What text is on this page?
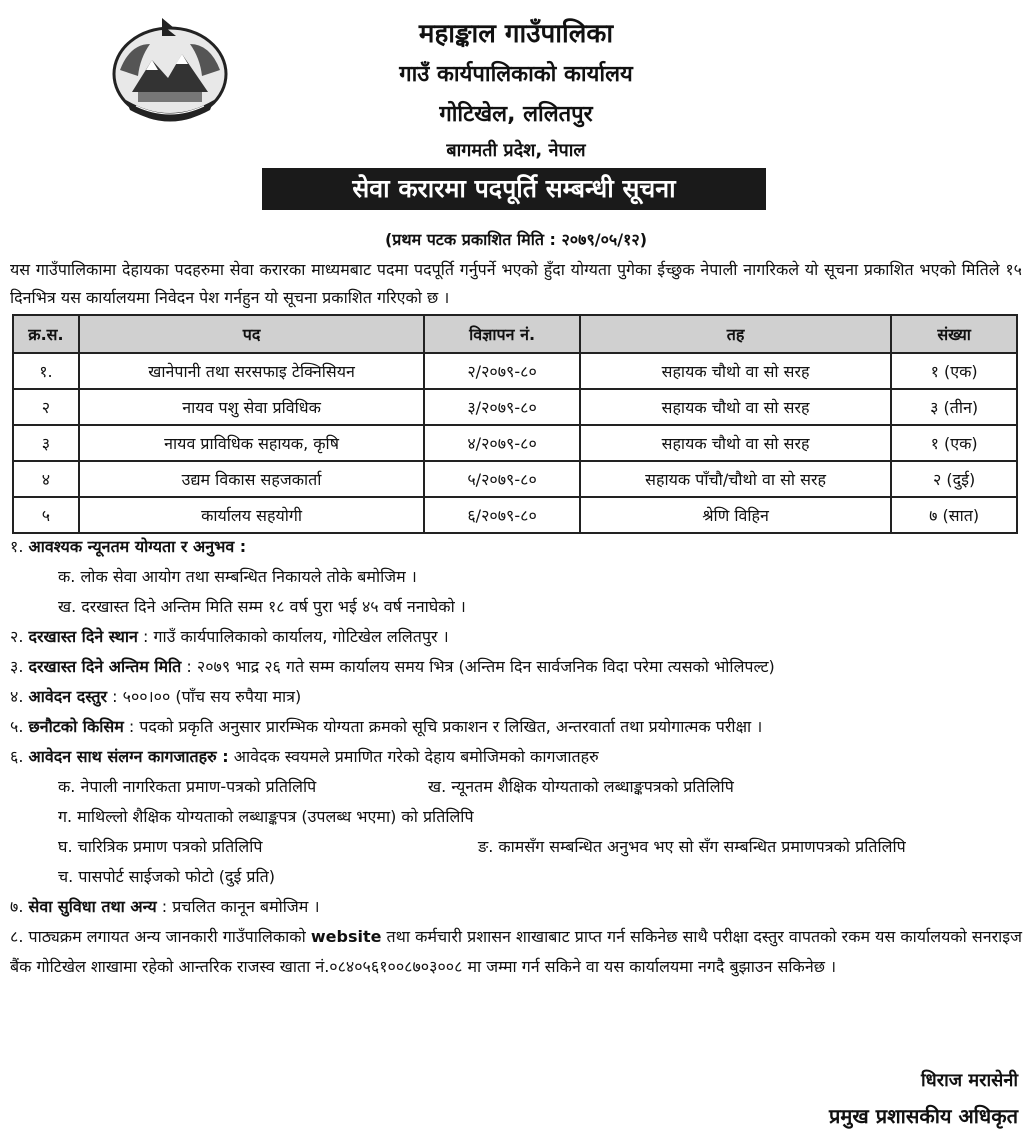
महाङ्काल गाउँपालिका
गाउँ कार्यपालिकाको कार्यालय
गोटिखेल, ललितपुर
बागमती प्रदेश, नेपाल
सेवा करारमा पदपूर्ति सम्बन्धी सूचना
(प्रथम पटक प्रकाशित मिति : २०७९/०५/१२)
यस गाउँपालिकामा देहायका पदहरुमा सेवा करारका माध्यमबाट पदमा पदपूर्ति गर्नुपर्ने भएको हुँदा योग्यता पुगेका ईच्छुक नेपाली नागरिकले यो सूचना प्रकाशित भएको मितिले १५ दिनभित्र यस कार्यालयमा निवेदन पेश गर्नहुन यो सूचना प्रकाशित गरिएको छ ।
क्र.स.	पद	विज्ञापन नं.	तह	संख्या
१.	खानेपानी तथा सरसफाइ टेक्निसियन	२/२०७९-८०	सहायक चौथो वा सो सरह	१ (एक)
२	नायव पशु सेवा प्रविधिक	३/२०७९-८०	सहायक चौथो वा सो सरह	३ (तीन)
३	नायव प्राविधिक सहायक, कृषि	४/२०७९-८०	सहायक चौथो वा सो सरह	१ (एक)
४	उद्यम विकास सहजकार्ता	५/२०७९-८०	सहायक पाँचौ/चौथो वा सो सरह	२ (दुई)
५	कार्यालय सहयोगी	६/२०७९-८०	श्रेणि विहिन	७ (सात)
१. आवश्यक न्यूनतम योग्यता र अनुभव :
क. लोक सेवा आयोग तथा सम्बन्धित निकायले तोके बमोजिम ।
ख. दरखास्त दिने अन्तिम मिति सम्म १८ वर्ष पुरा भई ४५ वर्ष ननाघेको ।
२. दरखास्त दिने स्थान : गाउँ कार्यपालिकाको कार्यालय, गोटिखेल ललितपुर ।
३. दरखास्त दिने अन्तिम मिति : २०७९ भाद्र २६ गते सम्म कार्यालय समय भित्र (अन्तिम दिन सार्वजनिक विदा परेमा त्यसको भोलिपल्ट)
४. आवेदन दस्तुर : ५००।०० (पाँच सय रुपैया मात्र)
५. छनौटको किसिम : पदको प्रकृति अनुसार प्रारम्भिक योग्यता क्रमको सूचि प्रकाशन र लिखित, अन्तरवार्ता तथा प्रयोगात्मक परीक्षा ।
६. आवेदन साथ संलग्न कागजातहरु : आवेदक स्वयमले प्रमाणित गरेको देहाय बमोजिमको कागजातहरु
क. नेपाली नागरिकता प्रमाण-पत्रको प्रतिलिपि	ख. न्यूनतम शैक्षिक योग्यताको लब्धाङ्कपत्रको प्रतिलिपि
ग. माथिल्लो शैक्षिक योग्यताको लब्धाङ्कपत्र (उपलब्ध भएमा) को प्रतिलिपि
घ. चारित्रिक प्रमाण पत्रको प्रतिलिपि	ङ. कामसँग सम्बन्धित अनुभव भए सो सँग सम्बन्धित प्रमाणपत्रको प्रतिलिपि
च. पासपोर्ट साईजको फोटो (दुई प्रति)
७. सेवा सुविधा तथा अन्य : प्रचलित कानून बमोजिम ।
८. पाठ्यक्रम लगायत अन्य जानकारी गाउँपालिकाको website तथा कर्मचारी प्रशासन शाखाबाट प्राप्त गर्न सकिनेछ साथै परीक्षा दस्तुर वापतको रकम यस कार्यालयको सनराइज बैंक गोटिखेल शाखामा रहेको आन्तरिक राजस्व खाता नं.०८४०५६१००८७०३००८ मा जम्मा गर्न सकिने वा यस कार्यालयमा नगदै बुझाउन सकिनेछ ।
धिराज मरासेनी
प्रमुख प्रशासकीय अधिकृत
